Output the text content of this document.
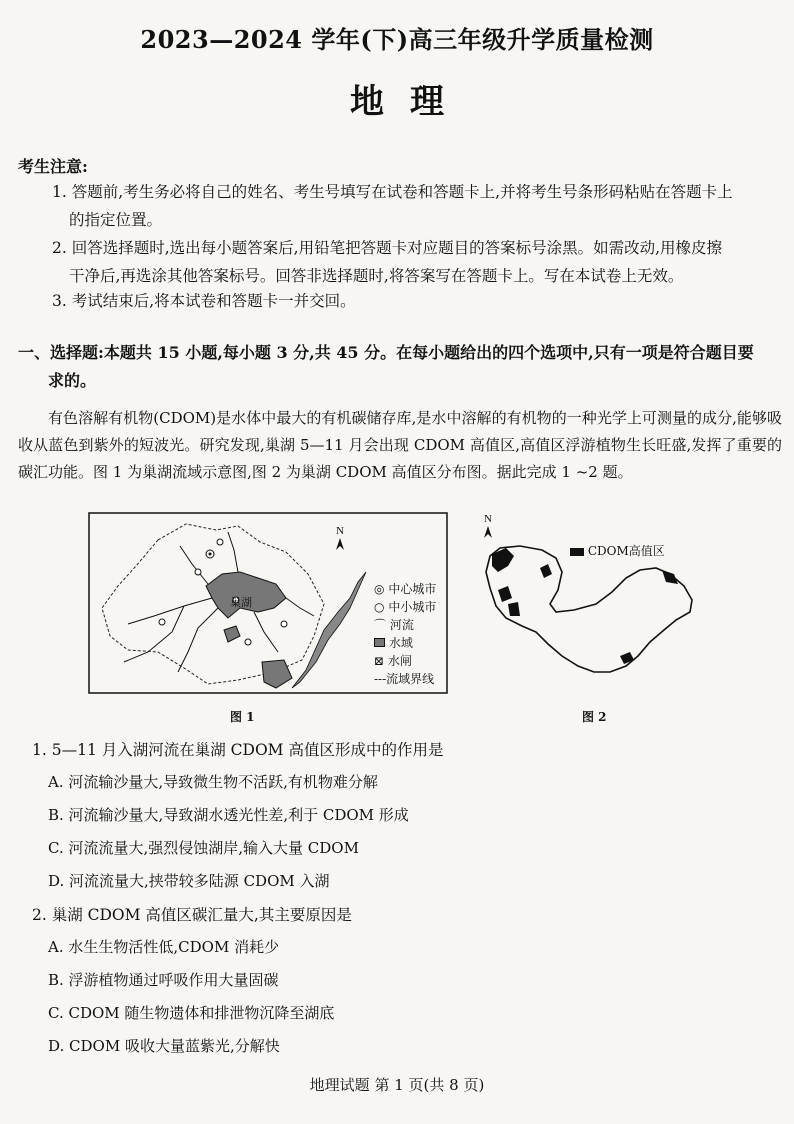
2023—2024 学年(下)高三年级升学质量检测
地理
考生注意:
1. 答题前,考生务必将自己的姓名、考生号填写在试卷和答题卡上,并将考生号条形码粘贴在答题卡上
的指定位置。
2. 回答选择题时,选出每小题答案后,用铅笔把答题卡对应题目的答案标号涂黑。如需改动,用橡皮擦
干净后,再选涂其他答案标号。回答非选择题时,将答案写在答题卡上。写在本试卷上无效。
3. 考试结束后,将本试卷和答题卡一并交回。
一、选择题:本题共 15 小题,每小题 3 分,共 45 分。在每小题给出的四个选项中,只有一项是符合题目要
求的。
有色溶解有机物(CDOM)是水体中最大的有机碳储存库,是水中溶解的有机物的一种光学上可测量的成分,能够吸收从蓝色到紫外的短波光。研究发现,巢湖 5—11 月会出现 CDOM 高值区,高值区浮游植物生长旺盛,发挥了重要的碳汇功能。图 1 为巢湖流域示意图,图 2 为巢湖 CDOM 高值区分布图。据此完成 1 ~2 题。
N
巢湖
◎ 中心城市
○ 中小城市
⌒ 河流
水域
⊠ 水闸
---流域界线
图 1
N
CDOM高值区
图 2
1. 5—11 月入湖河流在巢湖 CDOM 高值区形成中的作用是
A. 河流输沙量大,导致微生物不活跃,有机物难分解
B. 河流输沙量大,导致湖水透光性差,利于 CDOM 形成
C. 河流流量大,强烈侵蚀湖岸,输入大量 CDOM
D. 河流流量大,挟带较多陆源 CDOM 入湖
2. 巢湖 CDOM 高值区碳汇量大,其主要原因是
A. 水生生物活性低,CDOM 消耗少
B. 浮游植物通过呼吸作用大量固碳
C. CDOM 随生物遗体和排泄物沉降至湖底
D. CDOM 吸收大量蓝紫光,分解快
地理试题 第 1 页(共 8 页)
